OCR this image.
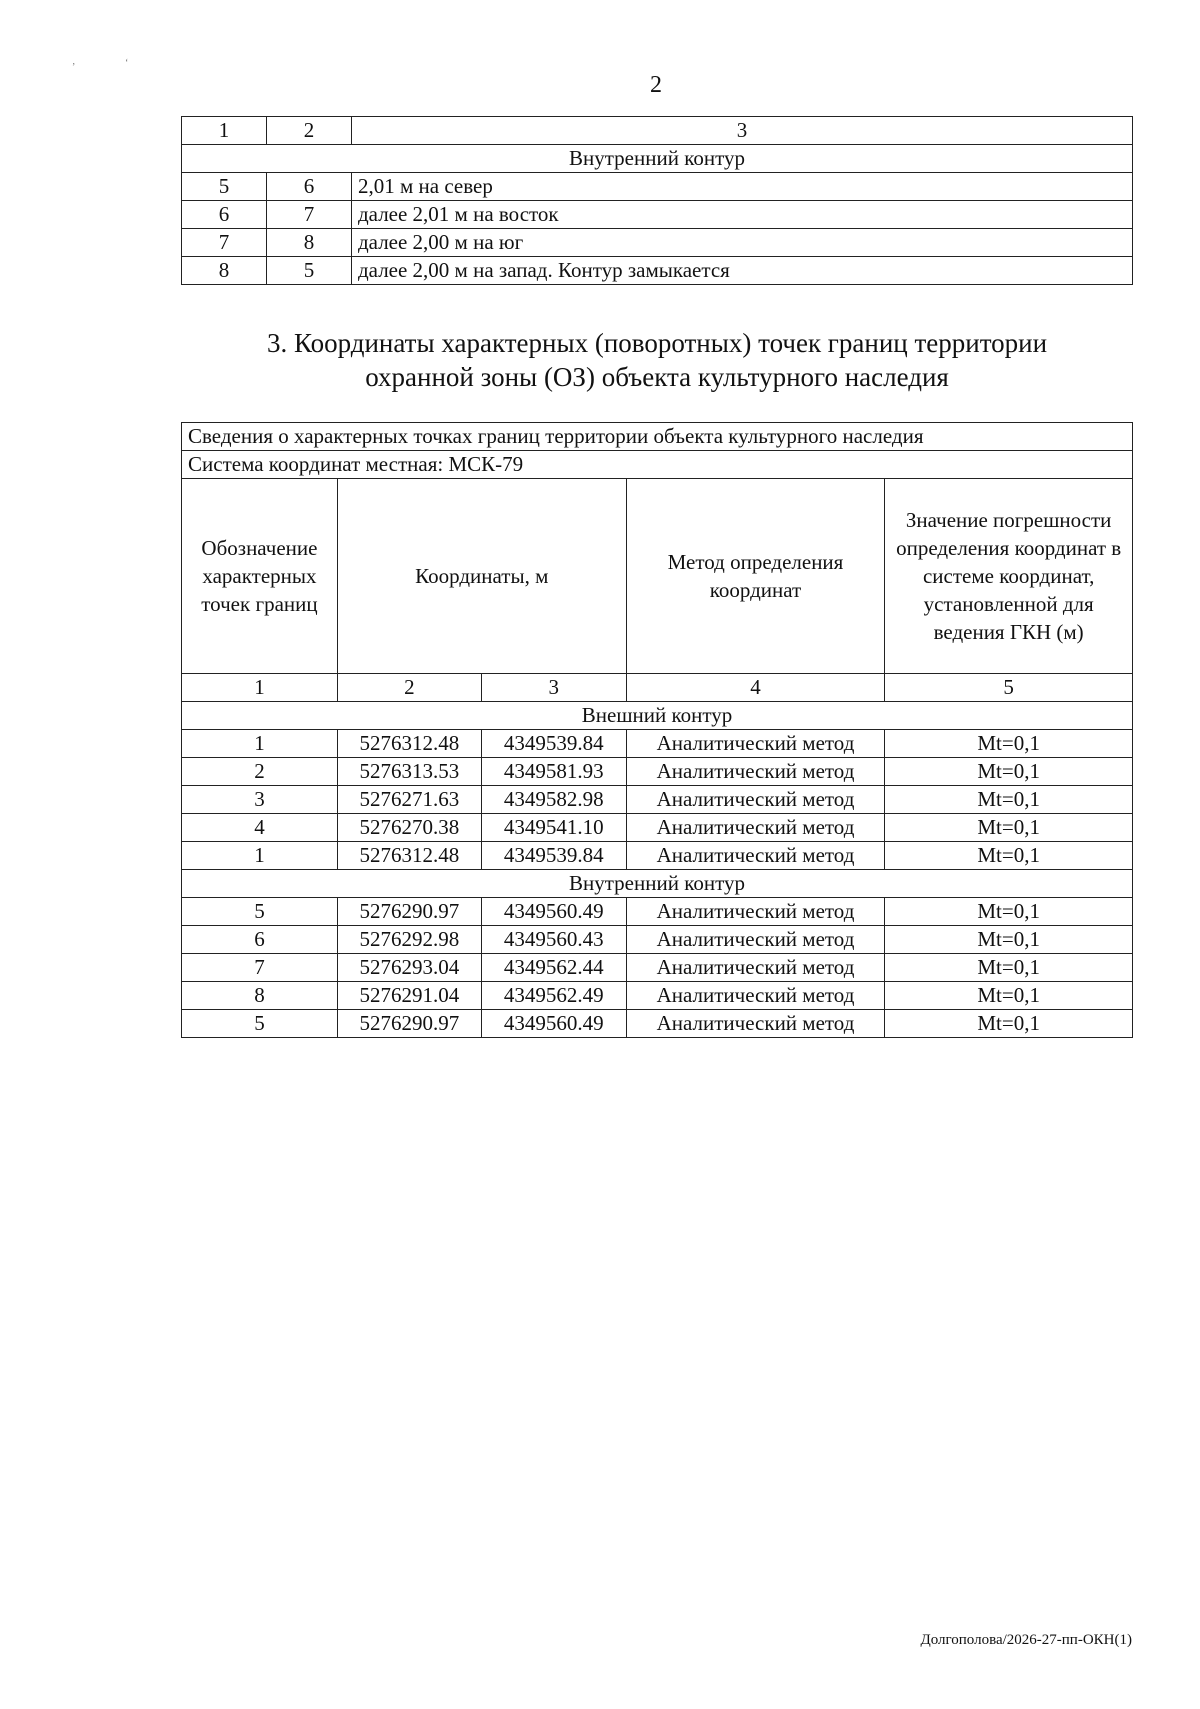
ʼ	ʻ
2
1	2	3
Внутренний контур		
5	6	2,01 м на север
6	7	далее 2,01 м на восток
7	8	далее 2,00 м на юг
8	5	далее 2,00 м на запад. Контур замыкается
3. Координаты характерных (поворотных) точек границ территории
охранной зоны (ОЗ) объекта культурного наследия
Сведения о характерных точках границ территории объекта культурного наследия				
Система координат местная: МСК-79				
Обозначение характерных точек границ	Координаты, м		Метод определения координат	Значение погрешности определения координат в системе координат, установленной для ведения ГКН (м)
1	2	3	4	5
Внешний контур				
1	5276312.48	4349539.84	Аналитический метод	Mt=0,1
2	5276313.53	4349581.93	Аналитический метод	Mt=0,1
3	5276271.63	4349582.98	Аналитический метод	Mt=0,1
4	5276270.38	4349541.10	Аналитический метод	Mt=0,1
1	5276312.48	4349539.84	Аналитический метод	Mt=0,1
Внутренний контур				
5	5276290.97	4349560.49	Аналитический метод	Mt=0,1
6	5276292.98	4349560.43	Аналитический метод	Mt=0,1
7	5276293.04	4349562.44	Аналитический метод	Mt=0,1
8	5276291.04	4349562.49	Аналитический метод	Mt=0,1
5	5276290.97	4349560.49	Аналитический метод	Mt=0,1
Долгополова/2026-27-пп-ОКН(1)
